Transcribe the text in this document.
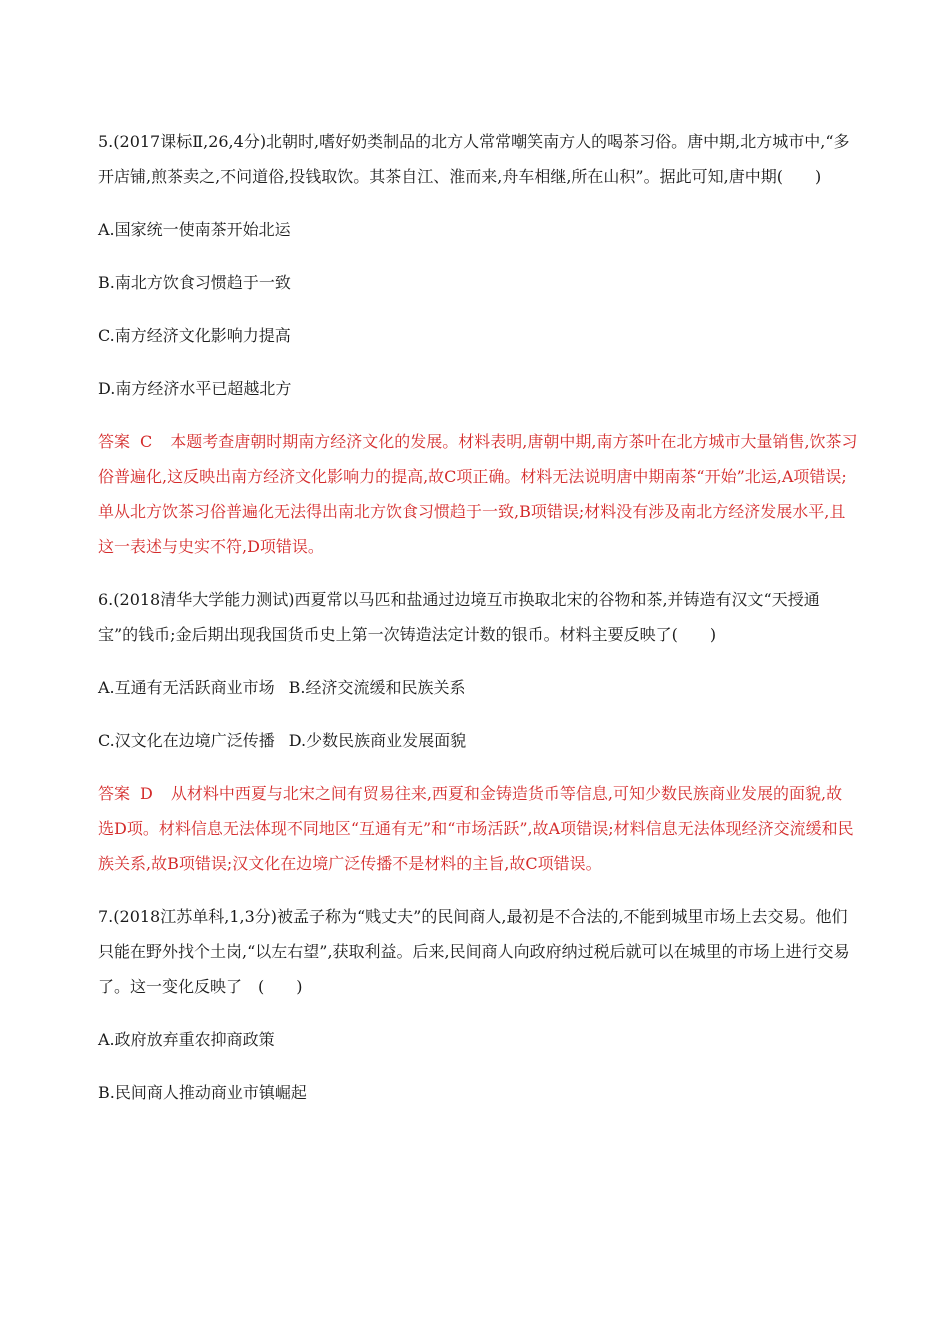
5.(2017课标Ⅱ,26,4分)北朝时,嗜好奶类制品的北方人常常嘲笑南方人的喝茶习俗。唐中期,北方城市中,“多开店铺,煎茶卖之,不问道俗,投钱取饮。其茶自江、淮而来,舟车相继,所在山积”。据此可知,唐中期(　　)

A.国家统一使南茶开始北运

B.南北方饮食习惯趋于一致

C.南方经济文化影响力提高

D.南方经济水平已超越北方

答案 C 本题考查唐朝时期南方经济文化的发展。材料表明,唐朝中期,南方茶叶在北方城市大量销售,饮茶习俗普遍化,这反映出南方经济文化影响力的提高,故C项正确。材料无法说明唐中期南茶“开始”北运,A项错误;单从北方饮茶习俗普遍化无法得出南北方饮食习惯趋于一致,B项错误;材料没有涉及南北方经济发展水平,且这一表述与史实不符,D项错误。

6.(2018清华大学能力测试)西夏常以马匹和盐通过边境互市换取北宋的谷物和茶,并铸造有汉文“天授通宝”的钱币;金后期出现我国货币史上第一次铸造法定计数的银币。材料主要反映了(　　)

A.互通有无活跃商业市场 B.经济交流缓和民族关系

C.汉文化在边境广泛传播 D.少数民族商业发展面貌

答案 D 从材料中西夏与北宋之间有贸易往来,西夏和金铸造货币等信息,可知少数民族商业发展的面貌,故选D项。材料信息无法体现不同地区“互通有无”和“市场活跃”,故A项错误;材料信息无法体现经济交流缓和民族关系,故B项错误;汉文化在边境广泛传播不是材料的主旨,故C项错误。

7.(2018江苏单科,1,3分)被孟子称为“贱丈夫”的民间商人,最初是不合法的,不能到城里市场上去交易。他们只能在野外找个土岗,“以左右望”,获取利益。后来,民间商人向政府纳过税后就可以在城里的市场上进行交易了。这一变化反映了　(　　)

A.政府放弃重农抑商政策

B.民间商人推动商业市镇崛起
